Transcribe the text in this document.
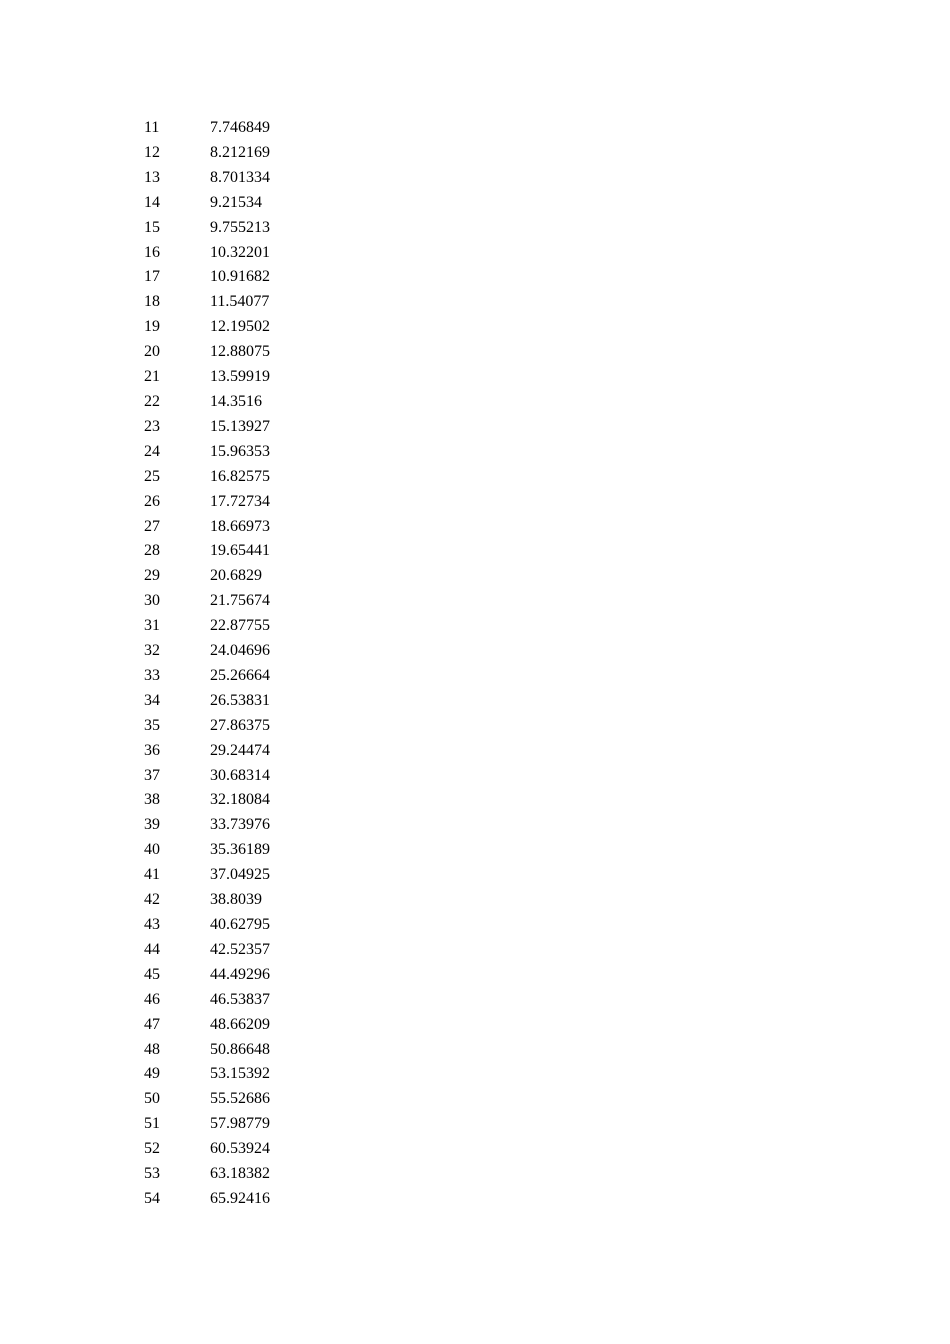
11	7.746849
12	8.212169
13	8.701334
14	9.21534
15	9.755213
16	10.32201
17	10.91682
18	11.54077
19	12.19502
20	12.88075
21	13.59919
22	14.3516
23	15.13927
24	15.96353
25	16.82575
26	17.72734
27	18.66973
28	19.65441
29	20.6829
30	21.75674
31	22.87755
32	24.04696
33	25.26664
34	26.53831
35	27.86375
36	29.24474
37	30.68314
38	32.18084
39	33.73976
40	35.36189
41	37.04925
42	38.8039
43	40.62795
44	42.52357
45	44.49296
46	46.53837
47	48.66209
48	50.86648
49	53.15392
50	55.52686
51	57.98779
52	60.53924
53	63.18382
54	65.92416
